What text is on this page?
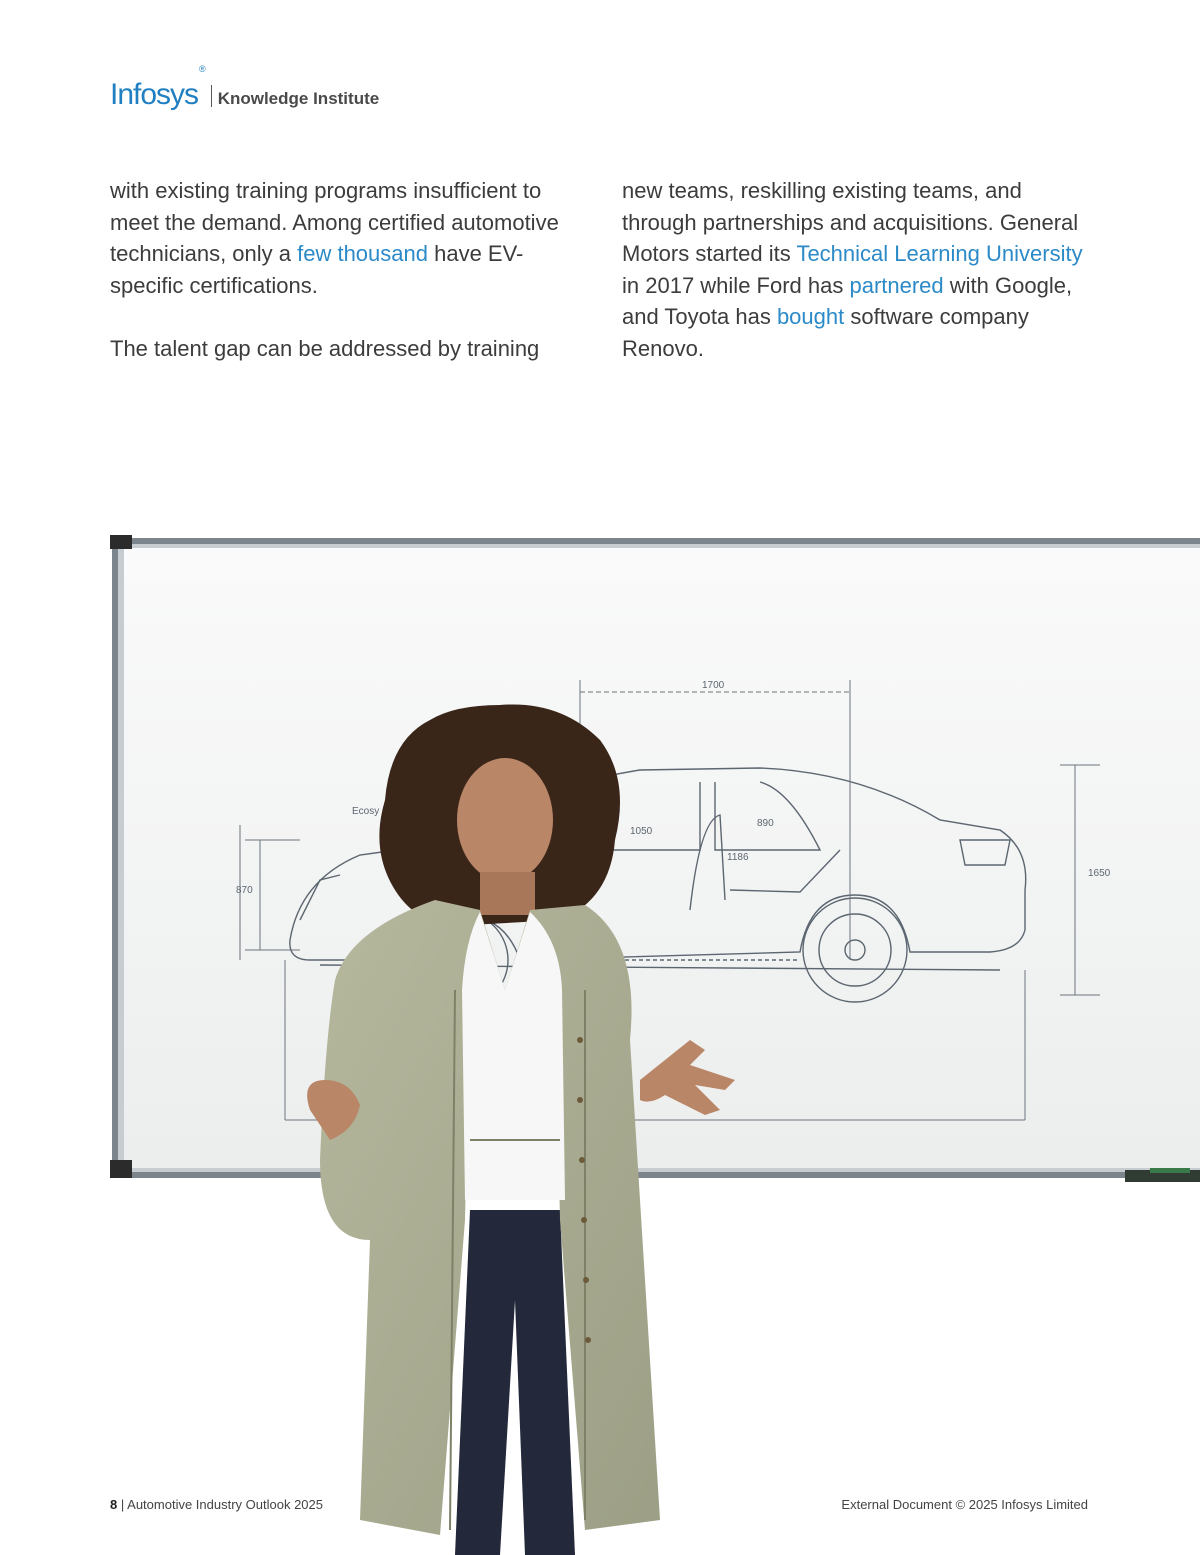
Infosys®
Knowledge Institute

with existing training programs insufficient to meet the demand. Among certified automotive technicians, only a few thousand have EV-specific certifications.

The talent gap can be addressed by training

new teams, reskilling existing teams, and through partnerships and acquisitions. General Motors started its Technical Learning University in 2017 while Ford has partnered with Google, and Toyota has bought software company Renovo.

1700
1050
890
1186
870
1650
Ecosy
8 | Automotive Industry Outlook 2025	External Document © 2025 Infosys Limited
